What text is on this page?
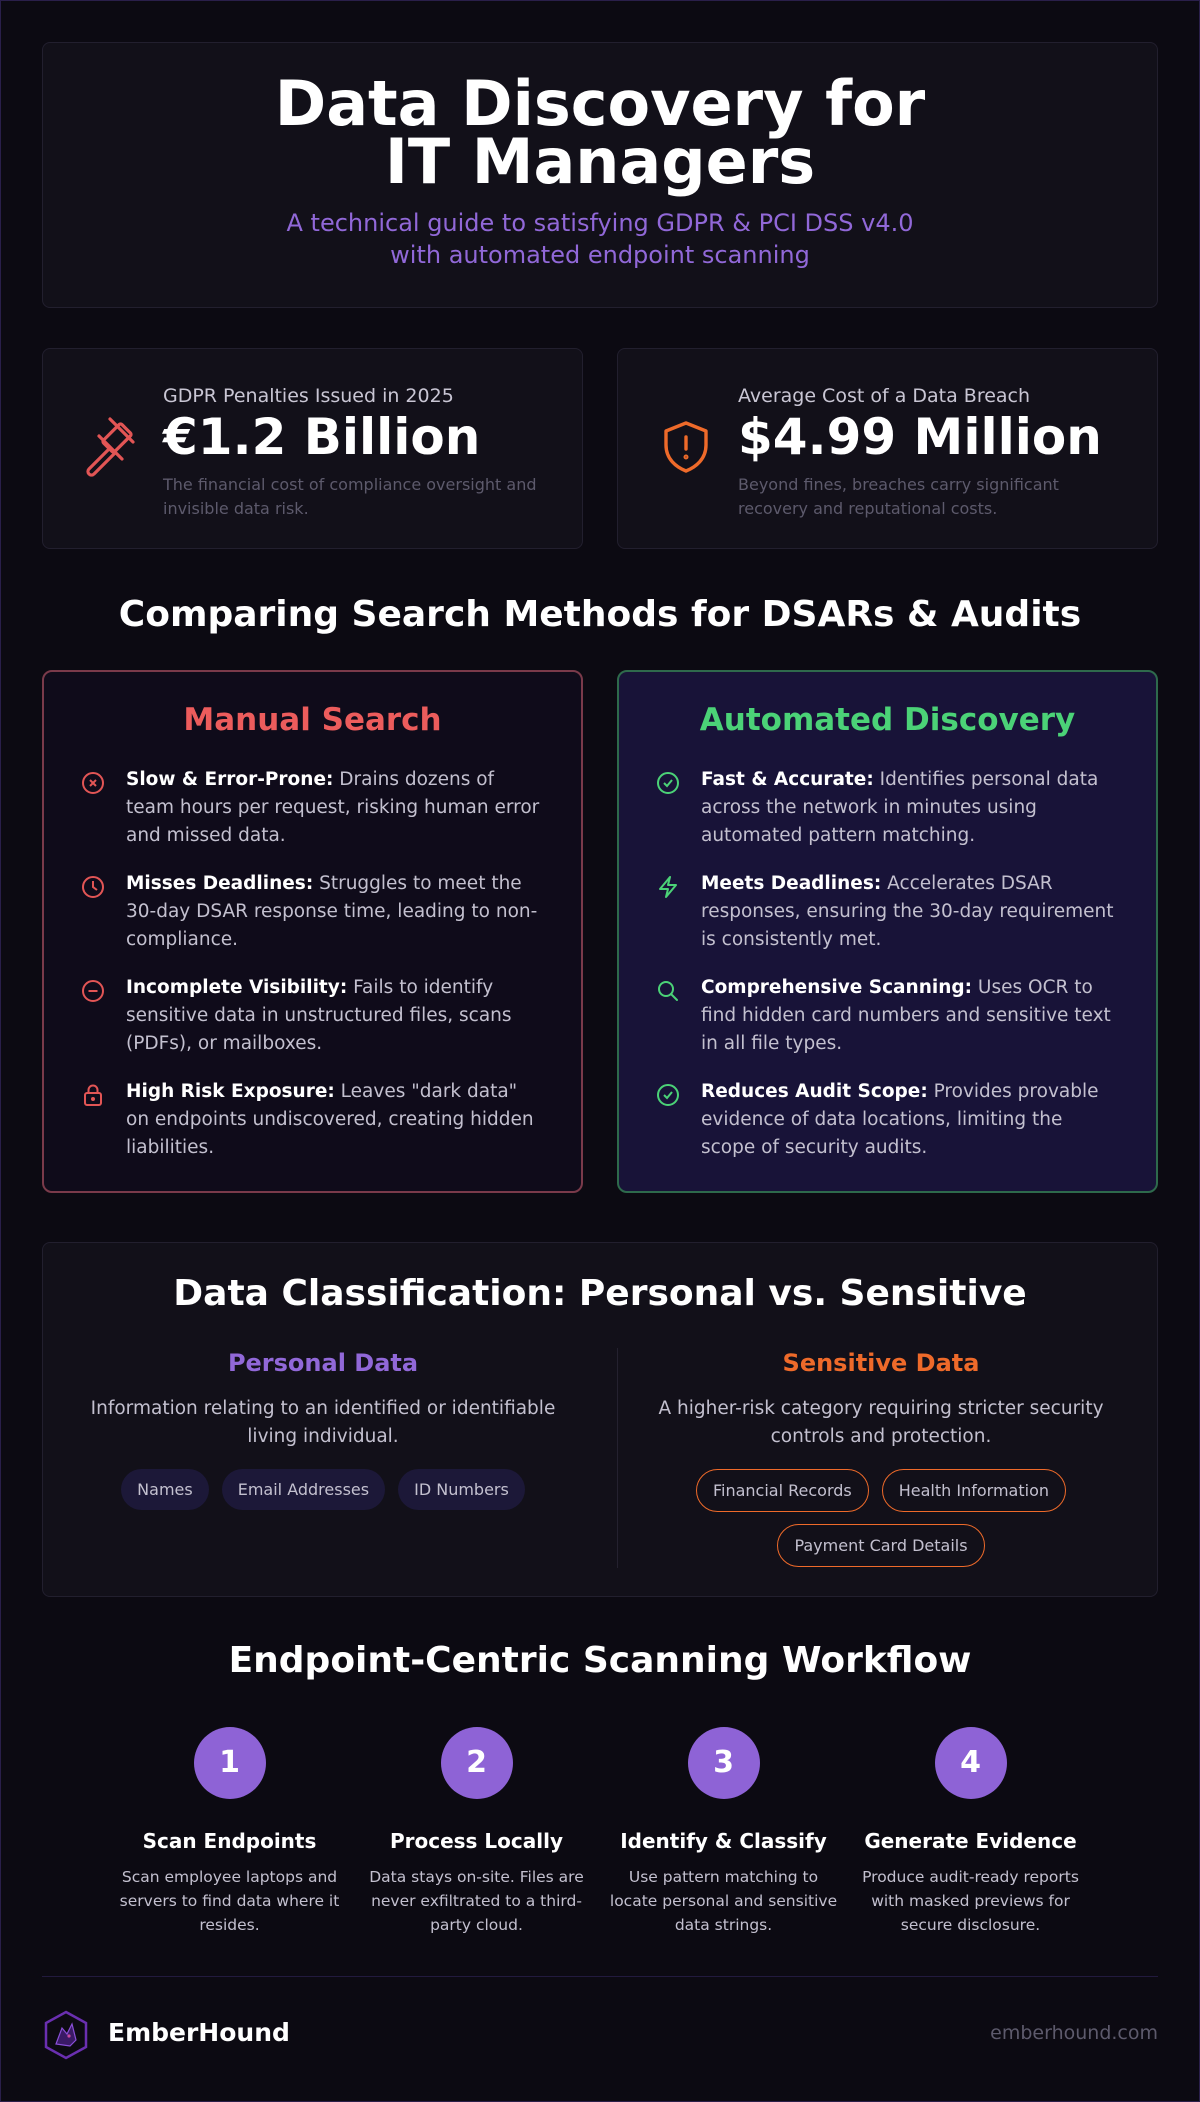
Data Discovery for IT Managers

A technical guide to satisfying GDPR & PCI DSS v4.0 with automated endpoint scanning

GDPR Penalties Issued in 2025
€1.2 Billion
The financial cost of compliance oversight and invisible data risk.
Average Cost of a Data Breach
$4.99 Million
Beyond fines, breaches carry significant recovery and reputational costs.
Comparing Search Methods for DSARs & Audits
Manual Search
Slow & Error-Prone: Drains dozens of team hours per request, risking human error and missed data.
Misses Deadlines: Struggles to meet the 30-day DSAR response time, leading to non-compliance.
Incomplete Visibility: Fails to identify sensitive data in unstructured files, scans (PDFs), or mailboxes.
High Risk Exposure: Leaves "dark data" on endpoints undiscovered, creating hidden liabilities.
Automated Discovery
Fast & Accurate: Identifies personal data across the network in minutes using automated pattern matching.
Meets Deadlines: Accelerates DSAR responses, ensuring the 30-day requirement is consistently met.
Comprehensive Scanning: Uses OCR to find hidden card numbers and sensitive text in all file types.
Reduces Audit Scope: Provides provable evidence of data locations, limiting the scope of security audits.
Data Classification: Personal vs. Sensitive
Personal Data

Information relating to an identified or identifiable living individual.

Names	Email Addresses	ID Numbers
Sensitive Data

A higher-risk category requiring stricter security controls and protection.

Financial Records	Health Information
Payment Card Details
Endpoint-Centric Scanning Workflow
1
Scan Endpoints

Scan employee laptops and servers to find data where it resides.

2
Process Locally

Data stays on-site. Files are never exfiltrated to a third-party cloud.

3
Identify & Classify

Use pattern matching to locate personal and sensitive data strings.

4
Generate Evidence

Produce audit-ready reports with masked previews for secure disclosure.

EmberHound	emberhound.com
